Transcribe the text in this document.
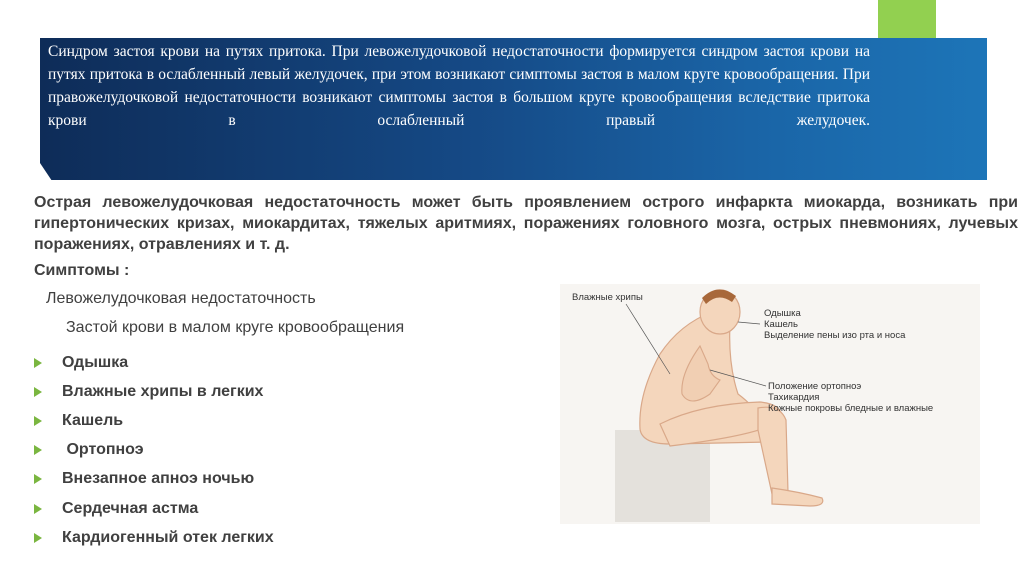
Синдром застоя крови на путях притока. При левожелудочковой недостаточности формируется синдром застоя крови на путях притока в ослабленный левый желудочек, при этом возникают симптомы застоя в малом круге кровообращения. При правожелудочковой недостаточности возникают симптомы застоя в большом круге кровообращения вследствие притока крови в ослабленный правый желудочек.

Острая левожелудочковая недостаточность может быть проявлением острого инфаркта миокарда, возникать при гипертонических кризах, миокардитах, тяжелых аритмиях, поражениях головного мозга, острых пневмониях, лучевых поражениях, отравлениях и т. д.

Симптомы :

Левожелудочковая недостаточность

Застой крови в малом круге кровообращения

Одышка
Влажные хрипы в легких
Кашель
Ортопноэ
Внезапное апноэ ночью
Сердечная астма
Кардиогенный отек легких
Влажные хрипы
Одышка
Кашель
Выделение пены изо рта и носа
Положение ортопноэ
Тахикардия
Кожные покровы бледные и влажные
